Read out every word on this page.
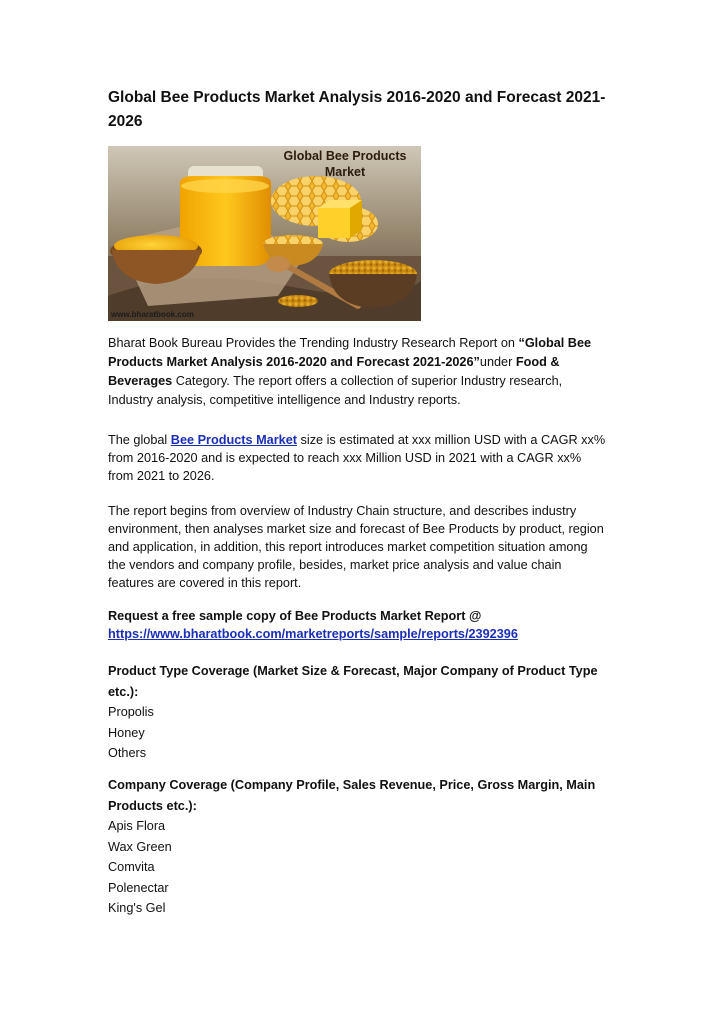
Global Bee Products Market Analysis 2016-2020 and Forecast 2021-2026
Global Bee Products Market
www.bharatbook.com
Bharat Book Bureau Provides the Trending Industry Research Report on “Global Bee Products Market Analysis 2016-2020 and Forecast 2021-2026”under Food & Beverages Category. The report offers a collection of superior Industry research, Industry analysis, competitive intelligence and Industry reports.
The global Bee Products Market size is estimated at xxx million USD with a CAGR xx% from 2016-2020 and is expected to reach xxx Million USD in 2021 with a CAGR xx% from 2021 to 2026.
The report begins from overview of Industry Chain structure, and describes industry environment, then analyses market size and forecast of Bee Products by product, region and application, in addition, this report introduces market competition situation among the vendors and company profile, besides, market price analysis and value chain features are covered in this report.
Request a free sample copy of Bee Products Market Report @
https://www.bharatbook.com/marketreports/sample/reports/2392396
Product Type Coverage (Market Size & Forecast, Major Company of Product Type etc.):
Propolis
Honey
Others
Company Coverage (Company Profile, Sales Revenue, Price, Gross Margin, Main Products etc.):
Apis Flora
Wax Green
Comvita
Polenectar
King's Gel
